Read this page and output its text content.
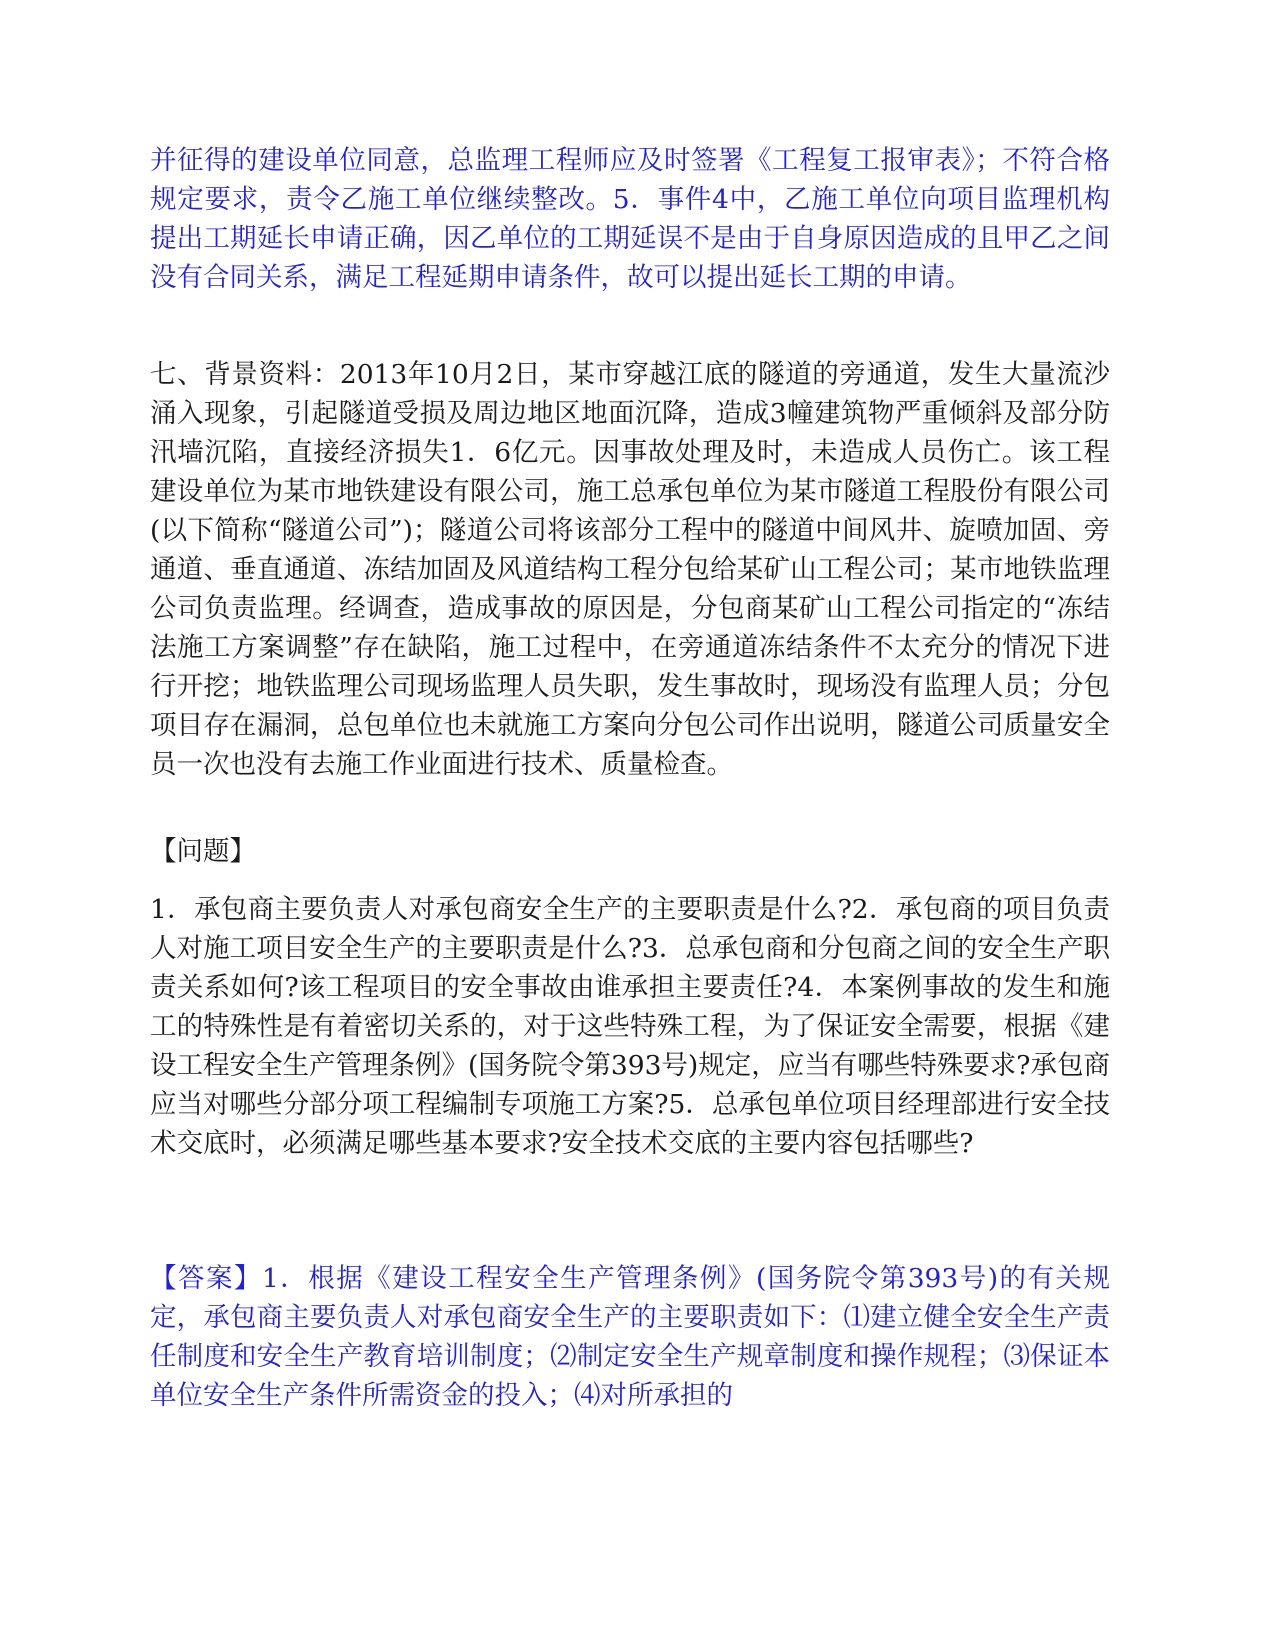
并征得的建设单位同意，总监理工程师应及时签署《工程复工报审表》；不符合格规定要求，责令乙施工单位继续整改。5．事件4中，乙施工单位向项目监理机构提出工期延长申请正确，因乙单位的工期延误不是由于自身原因造成的且甲乙之间没有合同关系，满足工程延期申请条件，故可以提出延长工期的申请。

七、背景资料：2013年10月2日，某市穿越江底的隧道的旁通道，发生大量流沙涌入现象，引起隧道受损及周边地区地面沉降，造成3幢建筑物严重倾斜及部分防汛墙沉陷，直接经济损失1．6亿元。因事故处理及时，未造成人员伤亡。该工程建设单位为某市地铁建设有限公司，施工总承包单位为某市隧道工程股份有限公司(以下简称“隧道公司”)；隧道公司将该部分工程中的隧道中间风井、旋喷加固、旁通道、垂直通道、冻结加固及风道结构工程分包给某矿山工程公司；某市地铁监理公司负责监理。经调查，造成事故的原因是，分包商某矿山工程公司指定的“冻结法施工方案调整”存在缺陷，施工过程中，在旁通道冻结条件不太充分的情况下进行开挖；地铁监理公司现场监理人员失职，发生事故时，现场没有监理人员；分包项目存在漏洞，总包单位也未就施工方案向分包公司作出说明，隧道公司质量安全员一次也没有去施工作业面进行技术、质量检查。

【问题】

1．承包商主要负责人对承包商安全生产的主要职责是什么?2．承包商的项目负责人对施工项目安全生产的主要职责是什么?3．总承包商和分包商之间的安全生产职责关系如何?该工程项目的安全事故由谁承担主要责任?4．本案例事故的发生和施工的特殊性是有着密切关系的，对于这些特殊工程，为了保证安全需要，根据《建设工程安全生产管理条例》(国务院令第393号)规定，应当有哪些特殊要求?承包商应当对哪些分部分项工程编制专项施工方案?5．总承包单位项目经理部进行安全技术交底时，必须满足哪些基本要求?安全技术交底的主要内容包括哪些?

【答案】1．根据《建设工程安全生产管理条例》(国务院令第393号)的有关规定，承包商主要负责人对承包商安全生产的主要职责如下：⑴建立健全安全生产责任制度和安全生产教育培训制度；⑵制定安全生产规章制度和操作规程；⑶保证本单位安全生产条件所需资金的投入；⑷对所承担的
